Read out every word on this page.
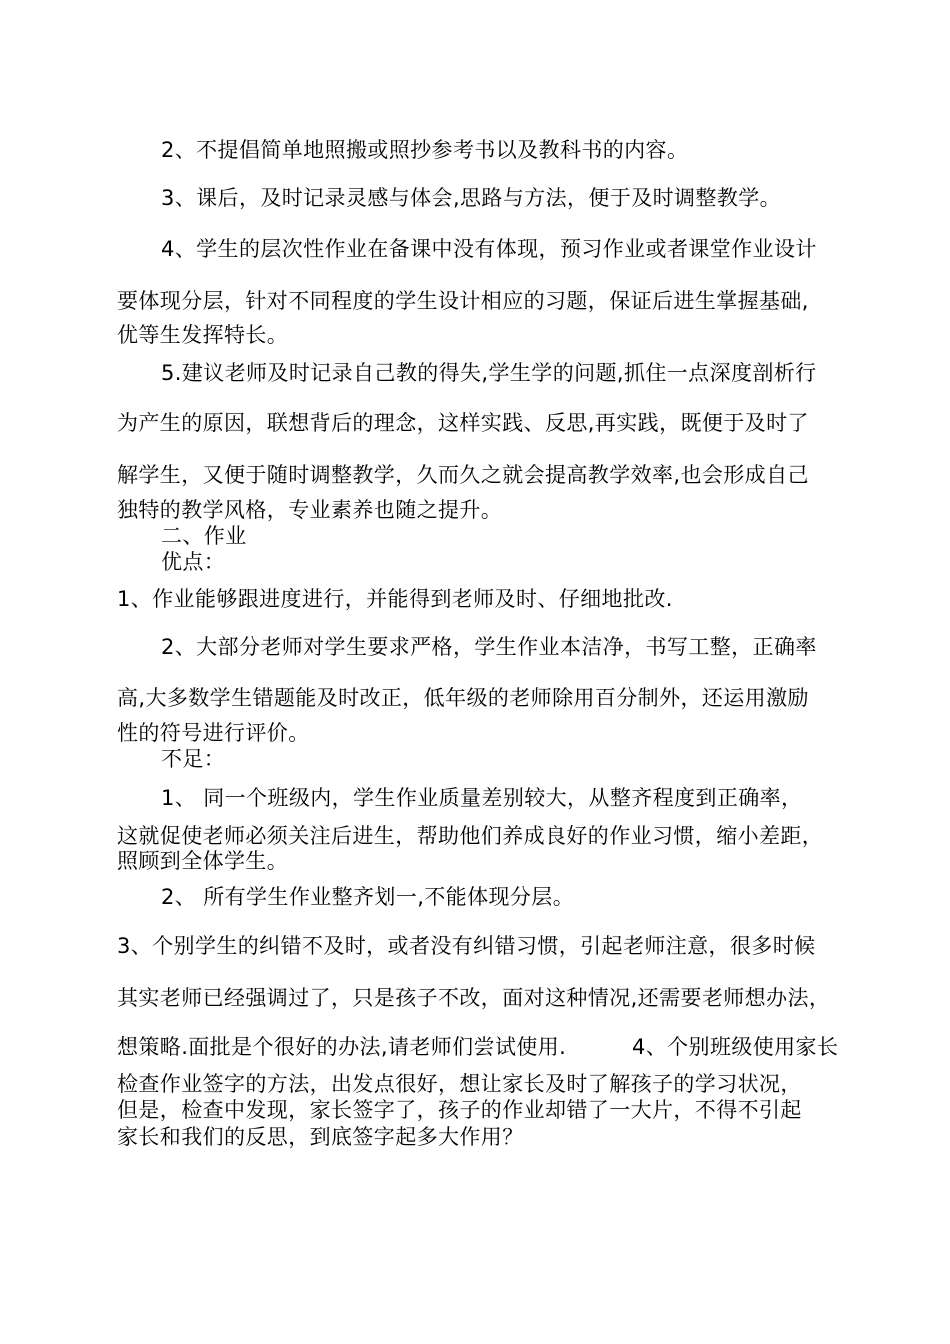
2、不提倡简单地照搬或照抄参考书以及教科书的内容。
3、课后，及时记录灵感与体会,思路与方法，便于及时调整教学。
4、学生的层次性作业在备课中没有体现，预习作业或者课堂作业设计
要体现分层，针对不同程度的学生设计相应的习题，保证后进生掌握基础,
优等生发挥特长。
5.建议老师及时记录自己教的得失,学生学的问题,抓住一点深度剖析行
为产生的原因，联想背后的理念，这样实践、反思,再实践，既便于及时了
解学生，又便于随时调整教学，久而久之就会提高教学效率,也会形成自己
独特的教学风格，专业素养也随之提升。
二、作业
优点：
1、作业能够跟进度进行，并能得到老师及时、仔细地批改.
2、大部分老师对学生要求严格，学生作业本洁净，书写工整，正确率
高,大多数学生错题能及时改正，低年级的老师除用百分制外，还运用激励
性的符号进行评价。
不足：
1、 同一个班级内，学生作业质量差别较大，从整齐程度到正确率，
这就促使老师必须关注后进生，帮助他们养成良好的作业习惯，缩小差距，
照顾到全体学生。
2、 所有学生作业整齐划一,不能体现分层。
3、个别学生的纠错不及时，或者没有纠错习惯，引起老师注意，很多时候
其实老师已经强调过了，只是孩子不改，面对这种情况,还需要老师想办法，
想策略.面批是个很好的办法,请老师们尝试使用.	4、个别班级使用家长
检查作业签字的方法，出发点很好，想让家长及时了解孩子的学习状况，
但是，检查中发现，家长签字了，孩子的作业却错了一大片，不得不引起
家长和我们的反思，到底签字起多大作用？
